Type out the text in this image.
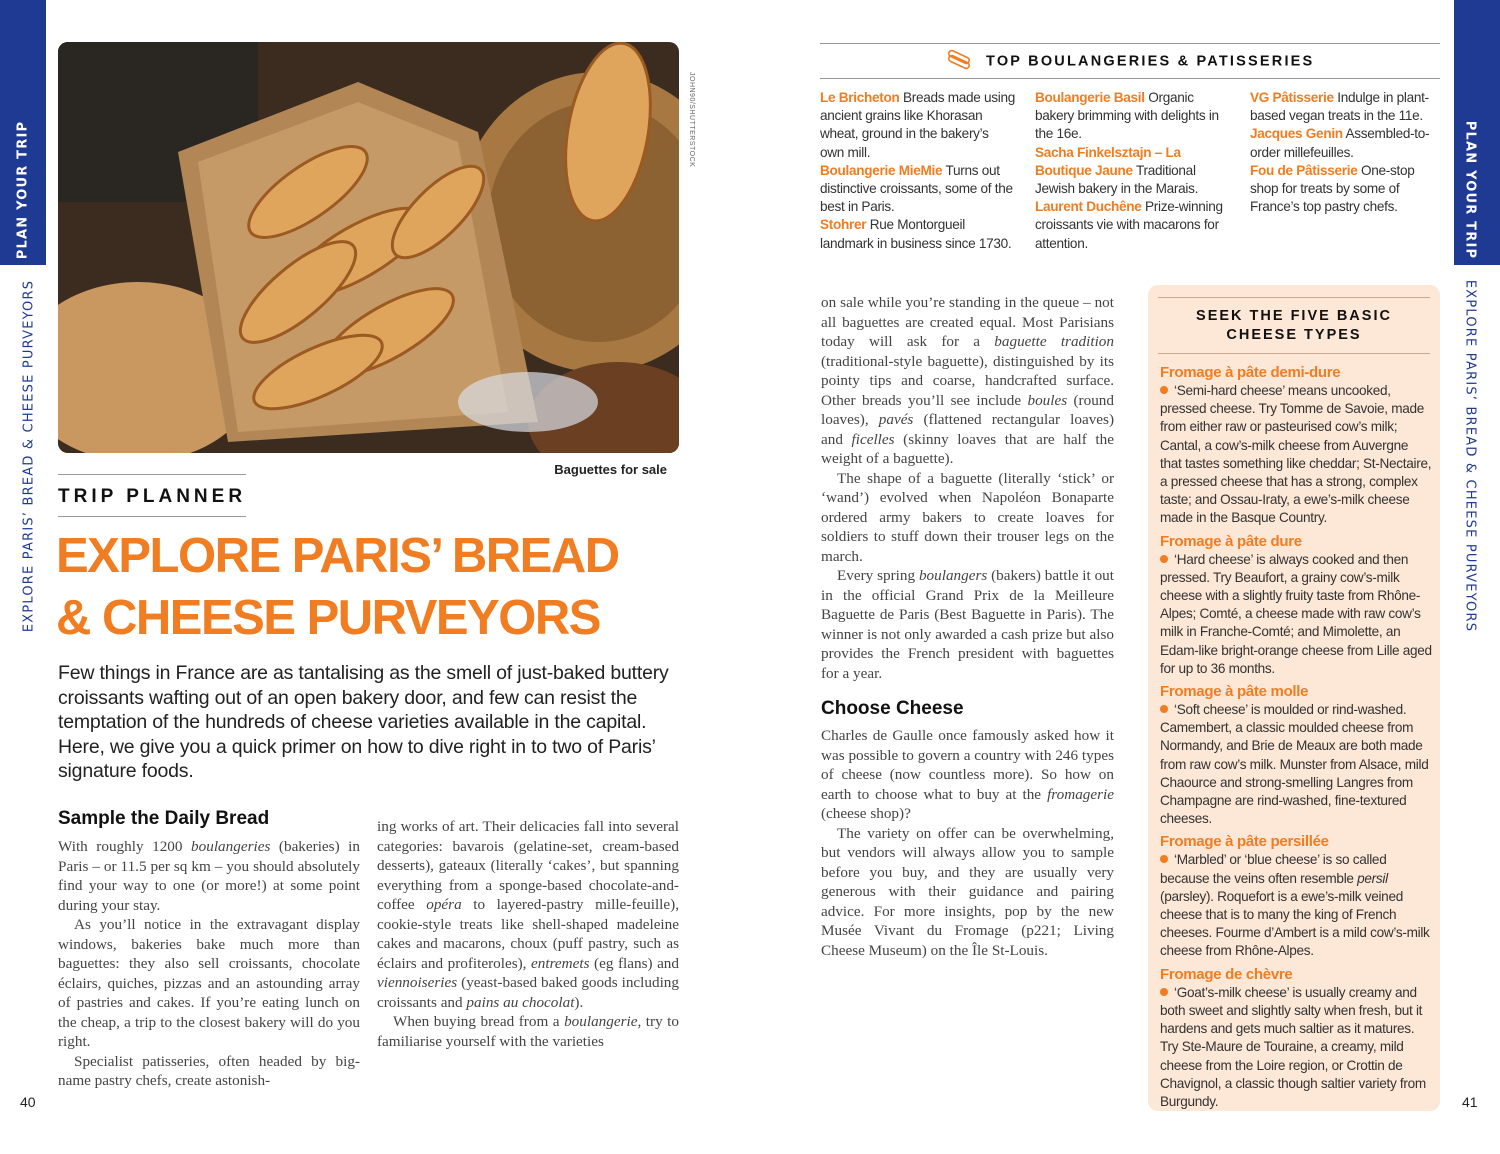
PLAN YOUR TRIP
EXPLORE PARIS’ BREAD & CHEESE PURVEYORS
PLAN YOUR TRIP
EXPLORE PARIS’ BREAD & CHEESE PURVEYORS
JOHN90/SHUTTERSTOCK
Baguettes for sale
TRIP PLANNER
EXPLORE PARIS’ BREAD
& CHEESE PURVEYORS
Few things in France are as tantalising as the smell of just-baked buttery croissants wafting out of an open bakery door, and few can resist the temptation of the hundreds of cheese varieties available in the capital. Here, we give you a quick primer on how to dive right in to two of Paris’ signature foods.
Sample the Daily Bread

With roughly 1200 boulangeries (bakeries) in Paris – or 11.5 per sq km – you should absolutely find your way to one (or more!) at some point during your stay.

As you’ll notice in the extravagant display windows, bakeries bake much more than baguettes: they also sell croissants, chocolate éclairs, quiches, pizzas and an astounding array of pastries and cakes. If you’re eating lunch on the cheap, a trip to the closest bakery will do you right.

Specialist patisseries, often headed by big-name pastry chefs, create astonish-

ing works of art. Their delicacies fall into several categories: bavarois (gelatine-set, cream-based desserts), gateaux (literally ‘cakes’, but spanning everything from a sponge-based chocolate-and-coffee opéra to layered-pastry mille-feuille), cookie-style treats like shell-shaped madeleine cakes and macarons, choux (puff pastry, such as éclairs and profiteroles), entremets (eg flans) and viennoiseries (yeast-based baked goods including croissants and pains au chocolat).

When buying bread from a boulangerie, try to familiarise yourself with the varieties

40
TOP BOULANGERIES & PATISSERIES
Le Bricheton Breads made using ancient grains like Khorasan wheat, ground in the bakery’s own mill.
Boulangerie MieMie Turns out distinctive croissants, some of the best in Paris.
Stohrer Rue Montorgueil landmark in business since 1730.
Boulangerie Basil Organic bakery brimming with delights in the 16e.
Sacha Finkelsztajn – La Boutique Jaune Traditional Jewish bakery in the Marais.
Laurent Duchêne Prize-winning croissants vie with macarons for attention.
VG Pâtisserie Indulge in plant-based vegan treats in the 11e.
Jacques Genin Assembled-to-order millefeuilles.
Fou de Pâtisserie One-stop shop for treats by some of France’s top pastry chefs.

on sale while you’re standing in the queue – not all baguettes are created equal. Most Parisians today will ask for a baguette tradition (traditional-style baguette), distinguished by its pointy tips and coarse, handcrafted surface. Other breads you’ll see include boules (round loaves), pavés (flattened rectangular loaves) and ficelles (skinny loaves that are half the weight of a baguette).

The shape of a baguette (literally ‘stick’ or ‘wand’) evolved when Napoléon Bonaparte ordered army bakers to create loaves for soldiers to stuff down their trouser legs on the march.

Every spring boulangers (bakers) battle it out in the official Grand Prix de la Meilleure Baguette de Paris (Best Baguette in Paris). The winner is not only awarded a cash prize but also provides the French president with baguettes for a year.

Choose Cheese

Charles de Gaulle once famously asked how it was possible to govern a country with 246 types of cheese (now countless more). So how on earth to choose what to buy at the fromagerie (cheese shop)?

The variety on offer can be overwhelming, but vendors will always allow you to sample before you buy, and they are usually very generous with their guidance and pairing advice. For more insights, pop by the new Musée Vivant du Fromage (p221; Living Cheese Museum) on the Île St-Louis.

SEEK THE FIVE BASIC
CHEESE TYPES
Fromage à pâte demi-dure
‘Semi-hard cheese’ means uncooked, pressed cheese. Try Tomme de Savoie, made from either raw or pasteurised cow’s milk; Cantal, a cow’s-milk cheese from Auvergne that tastes something like cheddar; St-Nectaire, a pressed cheese that has a strong, complex taste; and Ossau-Iraty, a ewe’s-milk cheese made in the Basque Country.
Fromage à pâte dure
‘Hard cheese’ is always cooked and then pressed. Try Beaufort, a grainy cow’s-milk cheese with a slightly fruity taste from Rhône-Alpes; Comté, a cheese made with raw cow’s milk in Franche-Comté; and Mimolette, an Edam-like bright-orange cheese from Lille aged for up to 36 months.
Fromage à pâte molle
‘Soft cheese’ is moulded or rind-washed. Camembert, a classic moulded cheese from Normandy, and Brie de Meaux are both made from raw cow’s milk. Munster from Alsace, mild Chaource and strong-smelling Langres from Champagne are rind-washed, fine-textured cheeses.
Fromage à pâte persillée
‘Marbled’ or ‘blue cheese’ is so called because the veins often resemble persil (parsley). Roquefort is a ewe’s-milk veined cheese that is to many the king of French cheeses. Fourme d’Ambert is a mild cow’s-milk cheese from Rhône-Alpes.
Fromage de chèvre
‘Goat’s-milk cheese’ is usually creamy and both sweet and slightly salty when fresh, but it hardens and gets much saltier as it matures. Try Ste-Maure de Touraine, a creamy, mild cheese from the Loire region, or Crottin de Chavignol, a classic though saltier variety from Burgundy.	41
